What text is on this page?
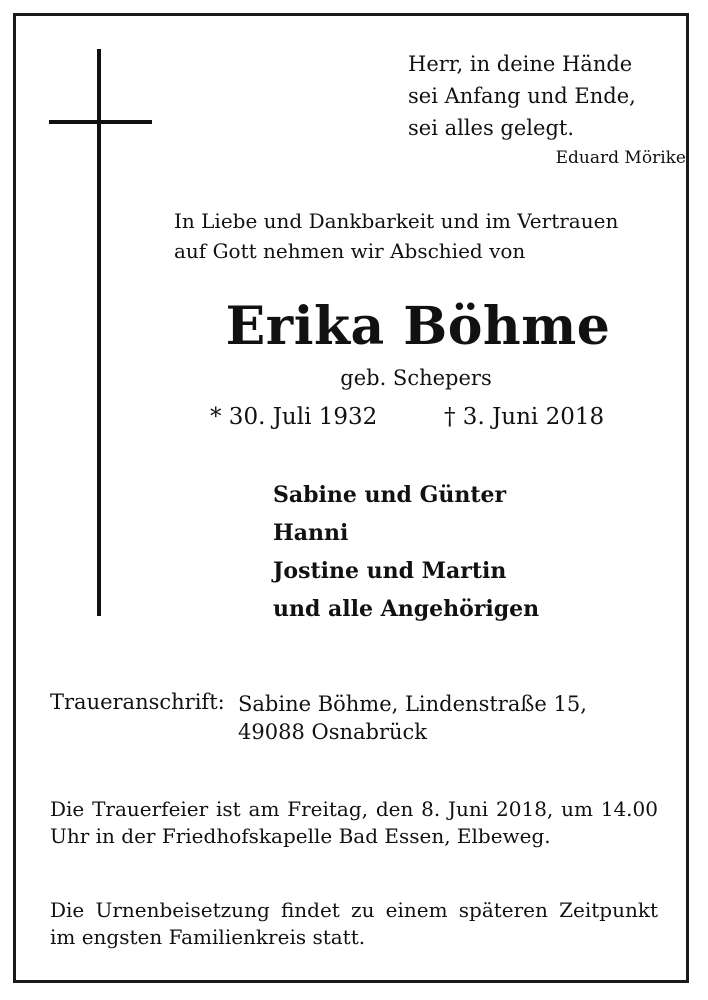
Herr, in deine Hände
sei Anfang und Ende,
sei alles gelegt.
Eduard Mörike
In Liebe und Dankbarkeit und im Vertrauen
auf Gott nehmen wir Abschied von
Erika Böhme
geb. Schepers
* 30. Juli 1932	† 3. Juni 2018
Sabine und Günter
Hanni
Jostine und Martin
und alle Angehörigen
Traueranschrift: Sabine Böhme, Lindenstraße 15,
49088 Osnabrück
Die Trauerfeier ist am Freitag, den 8. Juni 2018, um 14.00 Uhr in der Friedhofskapelle Bad Essen, Elbeweg.
Die Urnenbeisetzung findet zu einem späteren Zeitpunkt im engsten Familienkreis statt.
